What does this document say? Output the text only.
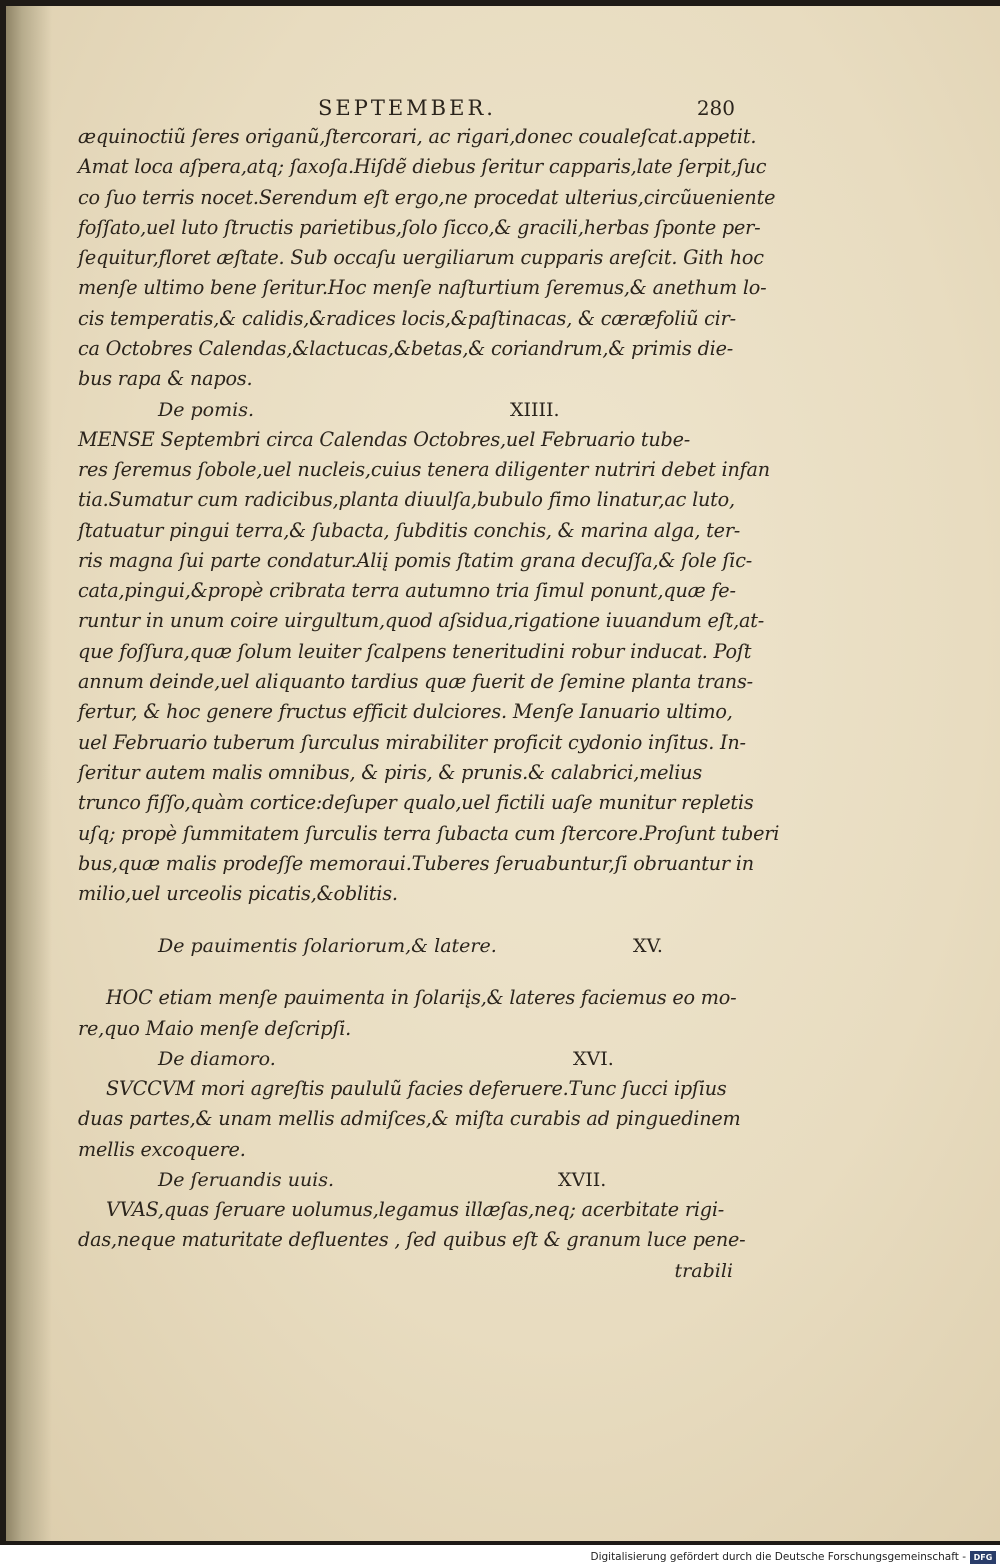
SEPTEMBER.	280
æquinoctiũ ſeres origanũ,ſtercorari, ac rigari,donec coualeſcat.appetit.
Amat loca aſpera,atq; ſaxoſa.Hiſdẽ diebus ſeritur capparis,late ſerpit,ſuc
co ſuo terris nocet.Serendum eſt ergo,ne procedat ulterius,circũueniente
foſſato,uel luto ſtructis parietibus,ſolo ſicco,& gracili,herbas ſponte per-
ſequitur,floret æſtate. Sub occaſu uergiliarum cupparis areſcit. Gith hoc
menſe ultimo bene ſeritur.Hoc menſe naſturtium ſeremus,& anethum lo-
cis temperatis,& calidis,&radices locis,&paſtinacas, & cæræfoliũ cir-
ca Octobres Calendas,&lactucas,&betas,& coriandrum,& primis die-
bus rapa & napos.
De pomis.	XIIII.
MENSE Septembri circa Calendas Octobres,uel Februario tube-
res ſeremus ſobole,uel nucleis,cuius tenera diligenter nutriri debet infan
tia.Sumatur cum radicibus,planta diuulſa,bubulo fimo linatur,ac luto,
ſtatuatur pingui terra,& ſubacta, ſubditis conchis, & marina alga, ter-
ris magna ſui parte condatur.Aliį pomis ſtatim grana decuſſa,& ſole ſic-
cata,pingui,&propè cribrata terra autumno tria ſimul ponunt,quæ fe-
runtur in unum coire uirgultum,quod aſsidua,rigatione iuuandum eſt,at-
que foſſura,quæ ſolum leuiter ſcalpens teneritudini robur inducat. Poſt
annum deinde,uel aliquanto tardius quæ fuerit de ſemine planta trans-
fertur, & hoc genere fructus efficit dulciores. Menſe Ianuario ultimo,
uel Februario tuberum ſurculus mirabiliter proficit cydonio inſitus. In-
ſeritur autem malis omnibus, & piris, & prunis.& calabrici,melius
trunco fiſſo,quàm cortice:deſuper qualo,uel fictili uaſe munitur repletis
uſq; propè ſummitatem ſurculis terra ſubacta cum ſtercore.Proſunt tuberi
bus,quæ malis prodeſſe memoraui.Tuberes ſeruabuntur,ſi obruantur in
milio,uel urceolis picatis,&oblitis.
De pauimentis ſolariorum,& latere.	XV.
HOC etiam menſe pauimenta in ſolariįs,& lateres faciemus eo mo-
re,quo Maio menſe deſcripſi.
De diamoro.	XVI.
SVCCVM mori agreſtis paululũ facies deferuere.Tunc ſucci ipſius
duas partes,& unam mellis admiſces,& miſta curabis ad pinguedinem
mellis excoquere.
De ſeruandis uuis.	XVII.
VVAS,quas ſeruare uolumus,legamus illæſas,neq; acerbitate rigi-
das,neque maturitate defluentes , ſed quibus eſt & granum luce pene-
trabili
Digitalisierung gefördert durch die Deutsche Forschungsgemeinschaft - DFG
